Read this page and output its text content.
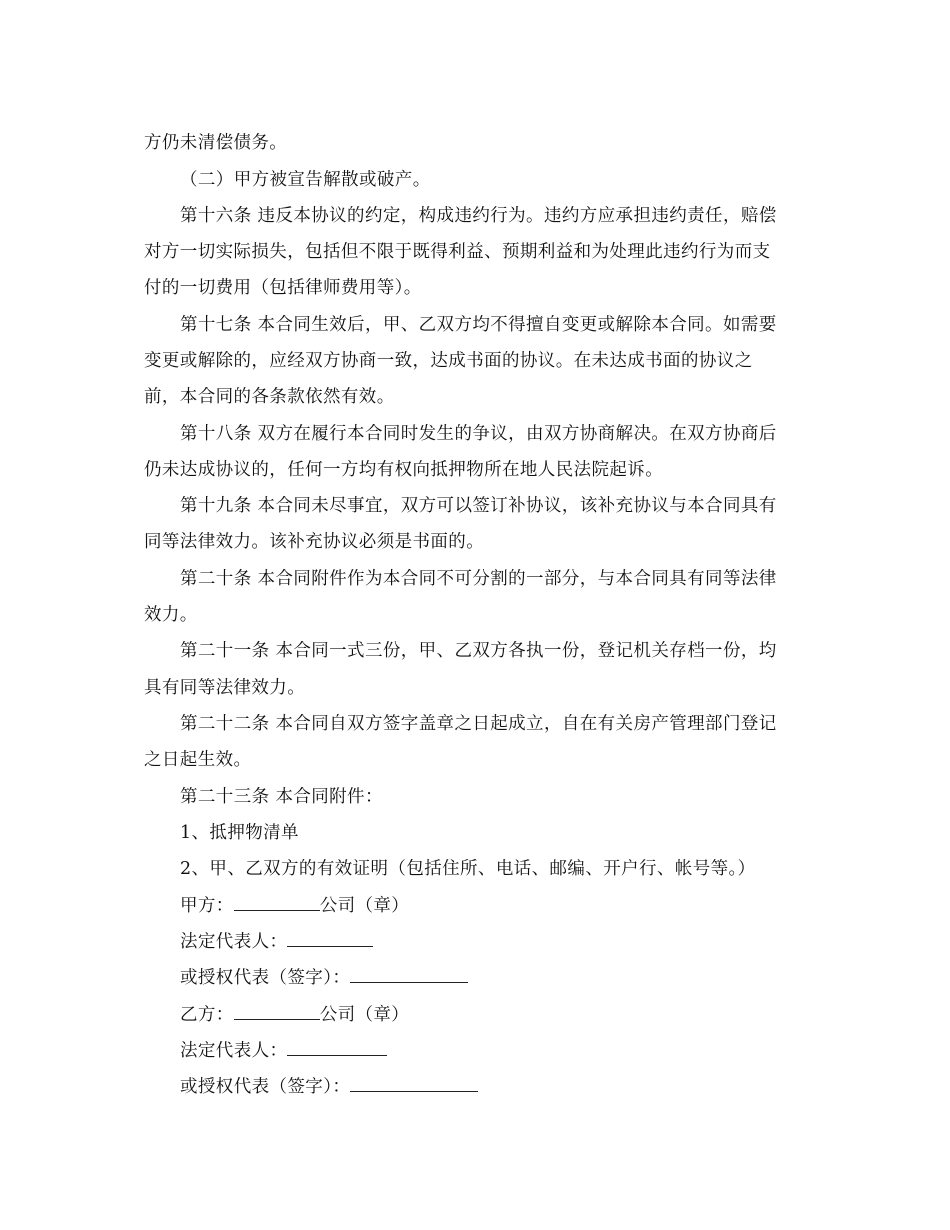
方仍未清偿债务。
（二）甲方被宣告解散或破产。
第十六条 违反本协议的约定，构成违约行为。违约方应承担违约责任，赔偿
对方一切实际损失，包括但不限于既得利益、预期利益和为处理此违约行为而支
付的一切费用（包括律师费用等）。
第十七条 本合同生效后，甲、乙双方均不得擅自变更或解除本合同。如需要
变更或解除的，应经双方协商一致，达成书面的协议。在未达成书面的协议之
前，本合同的各条款依然有效。
第十八条 双方在履行本合同时发生的争议，由双方协商解决。在双方协商后
仍未达成协议的，任何一方均有权向抵押物所在地人民法院起诉。
第十九条 本合同未尽事宜，双方可以签订补协议，该补充协议与本合同具有
同等法律效力。该补充协议必须是书面的。
第二十条 本合同附件作为本合同不可分割的一部分，与本合同具有同等法律
效力。
第二十一条 本合同一式三份，甲、乙双方各执一份，登记机关存档一份，均
具有同等法律效力。
第二十二条 本合同自双方签字盖章之日起成立，自在有关房产管理部门登记
之日起生效。
第二十三条 本合同附件：
1、抵押物清单
2、甲、乙双方的有效证明（包括住所、电话、邮编、开户行、帐号等。）
甲方：	公司（章）
法定代表人：
或授权代表（签字）：
乙方：	公司（章）
法定代表人：
或授权代表（签字）：
